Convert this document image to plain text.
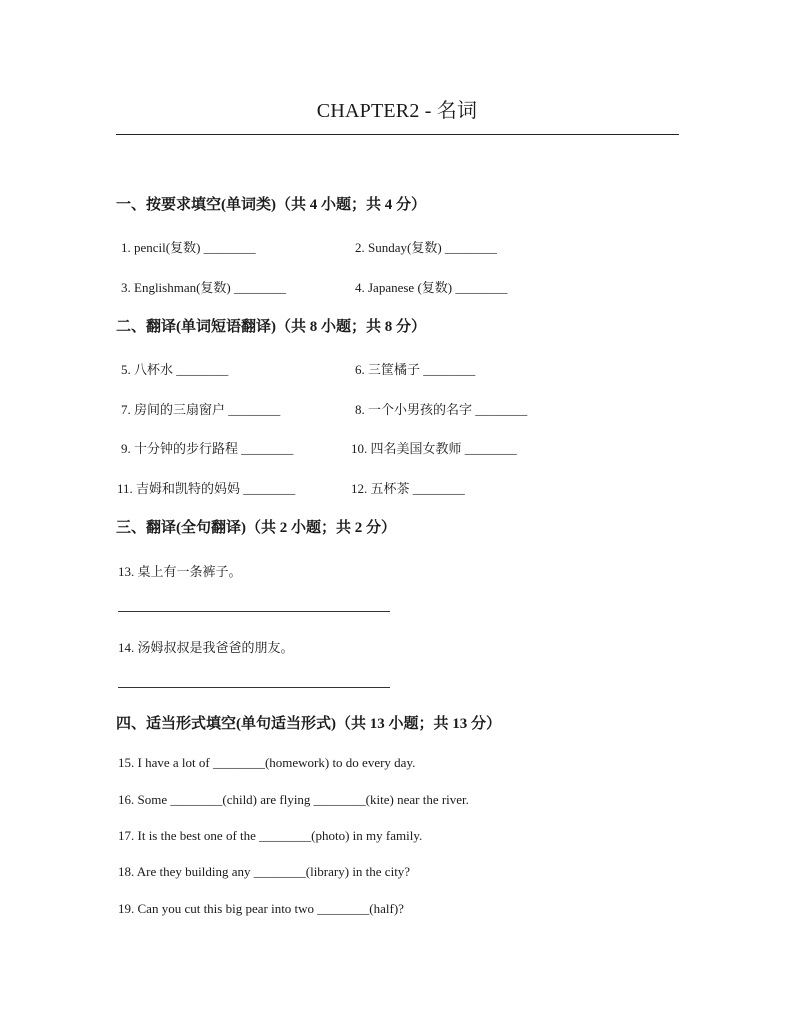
CHAPTER2 - 名词
一、按要求填空(单词类)（共 4 小题；共 4 分）
1. pencil(复数) ________	2. Sunday(复数) ________
3. Englishman(复数) ________	4. Japanese (复数) ________
二、翻译(单词短语翻译)（共 8 小题；共 8 分）
5. 八杯水 ________	6. 三筐橘子 ________
7. 房间的三扇窗户 ________	8. 一个小男孩的名字 ________
9. 十分钟的步行路程 ________	10. 四名美国女教师 ________
11. 吉姆和凯特的妈妈 ________	12. 五杯茶 ________
三、翻译(全句翻译)（共 2 小题；共 2 分）
13. 桌上有一条裤子。
14. 汤姆叔叔是我爸爸的朋友。
四、适当形式填空(单句适当形式)（共 13 小题；共 13 分）
15. I have a lot of ________(homework) to do every day.
16. Some ________(child) are flying ________(kite) near the river.
17. It is the best one of the ________(photo) in my family.
18. Are they building any ________(library) in the city?
19. Can you cut this big pear into two ________(half)?
